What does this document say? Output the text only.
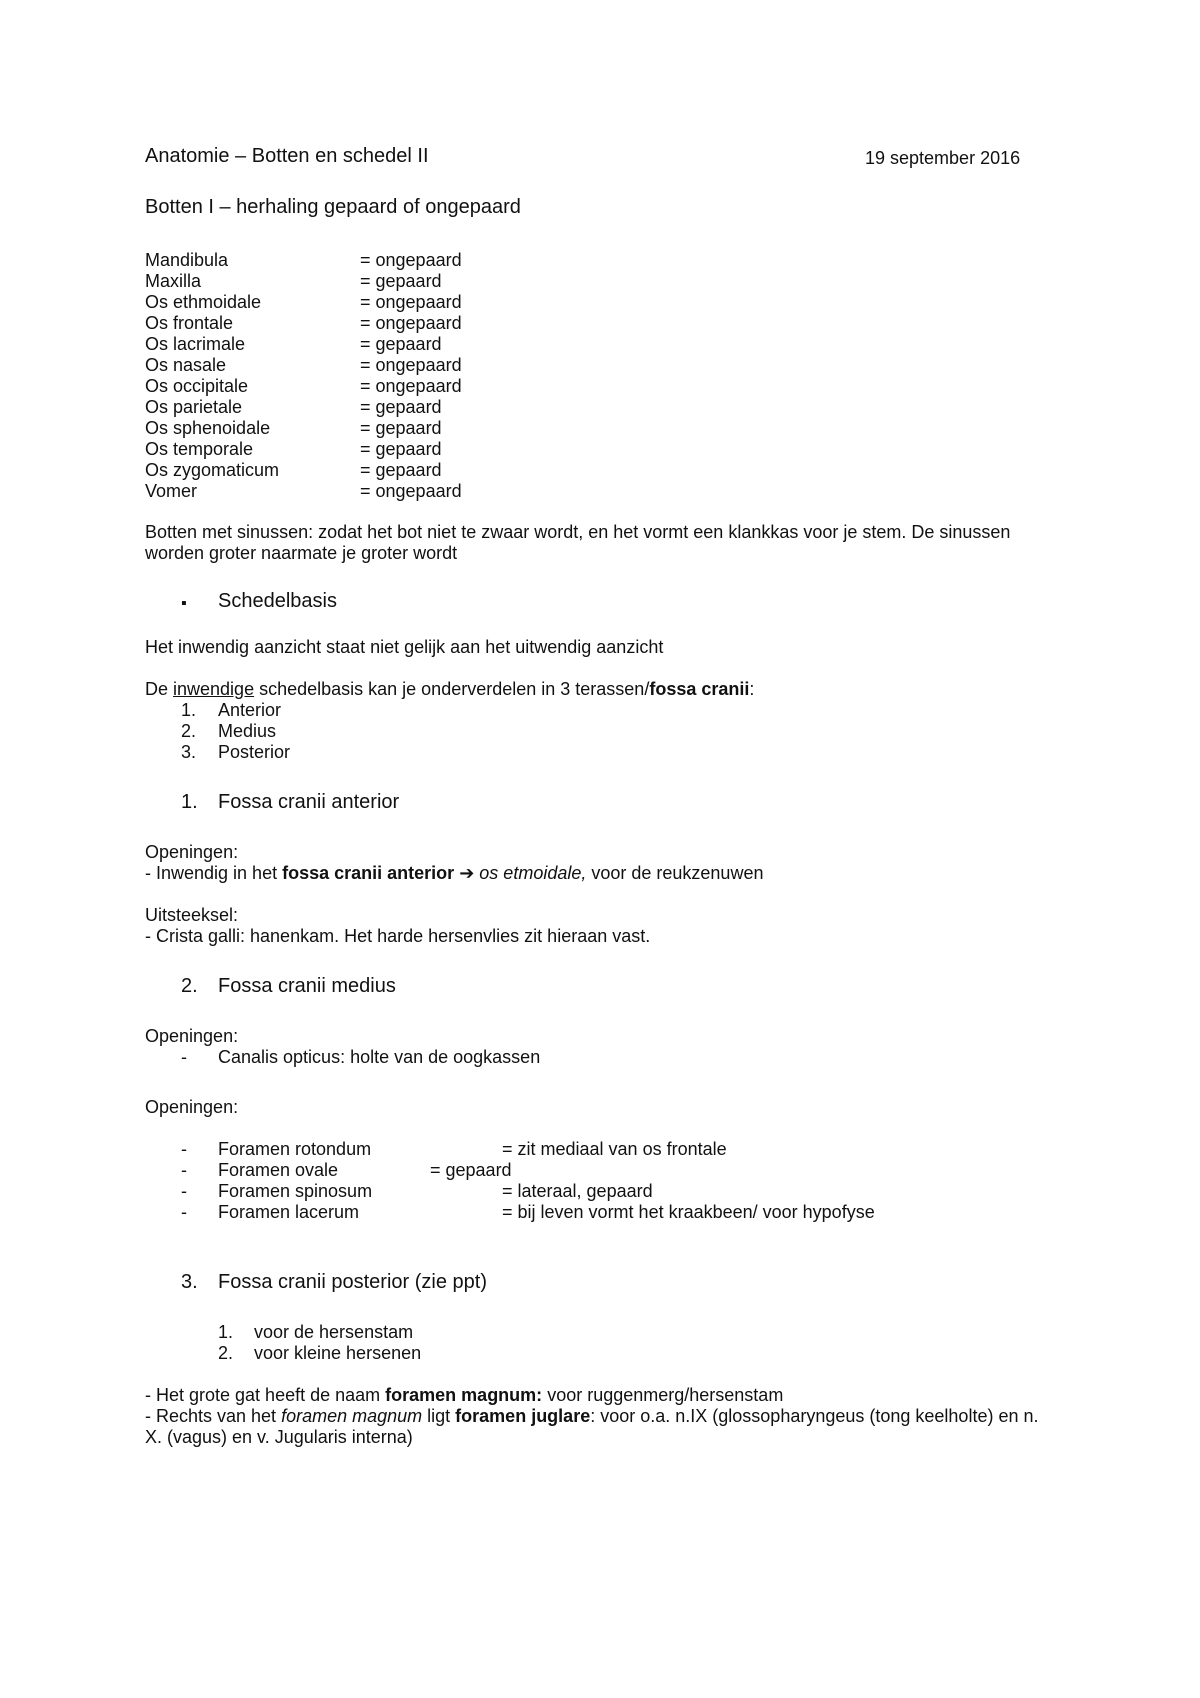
Anatomie – Botten en schedel II	19 september 2016
Botten I – herhaling gepaard of ongepaard
Mandibula	= ongepaard
Maxilla	= gepaard
Os ethmoidale	= ongepaard
Os frontale	= ongepaard
Os lacrimale	= gepaard
Os nasale	= ongepaard
Os occipitale	= ongepaard
Os parietale	= gepaard
Os sphenoidale	= gepaard
Os temporale	= gepaard
Os zygomaticum	= gepaard
Vomer	= ongepaard
Botten met sinussen: zodat het bot niet te zwaar wordt, en het vormt een klankkas voor je stem. De sinussen
worden groter naarmate je groter wordt
▪ Schedelbasis
Het inwendig aanzicht staat niet gelijk aan het uitwendig aanzicht
De inwendige schedelbasis kan je onderverdelen in 3 terassen/fossa cranii:
1. Anterior
2. Medius
3. Posterior
1. Fossa cranii anterior
Openingen:
- Inwendig in het fossa cranii anterior ➔ os etmoidale, voor de reukzenuwen
Uitsteeksel:
- Crista galli: hanenkam. Het harde hersenvlies zit hieraan vast.
2. Fossa cranii medius
Openingen:
- Canalis opticus: holte van de oogkassen
Openingen:
- Foramen rotondum	= zit mediaal van os frontale
- Foramen ovale	= gepaard
- Foramen spinosum	= lateraal, gepaard
- Foramen lacerum	= bij leven vormt het kraakbeen/ voor hypofyse
3. Fossa cranii posterior (zie ppt)
1. voor de hersenstam
2. voor kleine hersenen
- Het grote gat heeft de naam foramen magnum: voor ruggenmerg/hersenstam
- Rechts van het foramen magnum ligt foramen juglare: voor o.a. n.IX (glossopharyngeus (tong keelholte) en n.
X. (vagus) en v. Jugularis interna)
